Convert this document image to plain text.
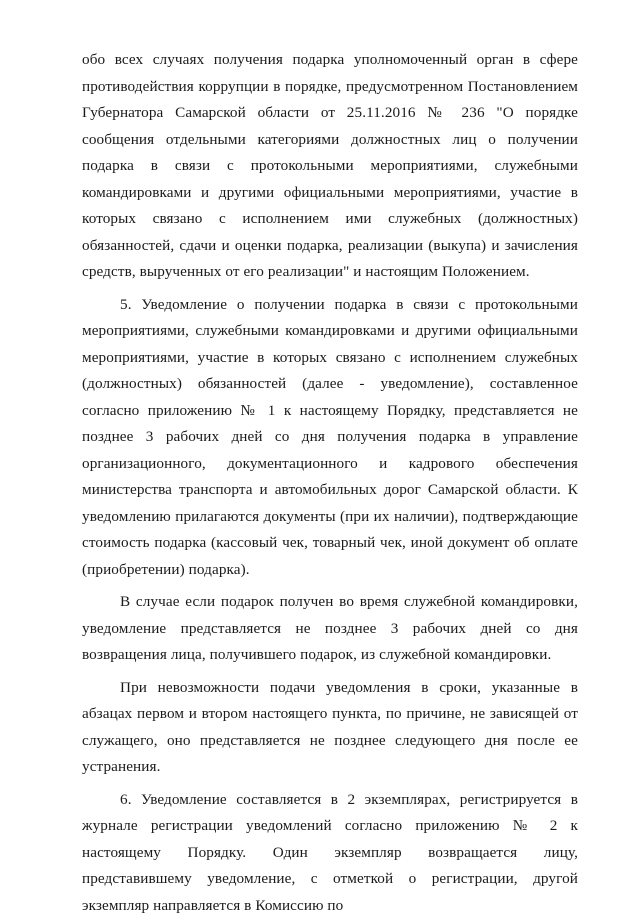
обо всех случаях получения подарка уполномоченный орган в сфере противодействия коррупции в порядке, предусмотренном Постановлением Губернатора Самарской области от 25.11.2016 № 236 "О порядке сообщения отдельными категориями должностных лиц о получении подарка в связи с протокольными мероприятиями, служебными командировками и другими официальными мероприятиями, участие в которых связано с исполнением ими служебных (должностных) обязанностей, сдачи и оценки подарка, реализации (выкупа) и зачисления средств, вырученных от его реализации" и настоящим Положением.

5. Уведомление о получении подарка в связи с протокольными мероприятиями, служебными командировками и другими официальными мероприятиями, участие в которых связано с исполнением служебных (должностных) обязанностей (далее - уведомление), составленное согласно приложению № 1 к настоящему Порядку, представляется не позднее 3 рабочих дней со дня получения подарка в управление организационного, документационного и кадрового обеспечения министерства транспорта и автомобильных дорог Самарской области. К уведомлению прилагаются документы (при их наличии), подтверждающие стоимость подарка (кассовый чек, товарный чек, иной документ об оплате (приобретении) подарка).

В случае если подарок получен во время служебной командировки, уведомление представляется не позднее 3 рабочих дней со дня возвращения лица, получившего подарок, из служебной командировки.

При невозможности подачи уведомления в сроки, указанные в абзацах первом и втором настоящего пункта, по причине, не зависящей от служащего, оно представляется не позднее следующего дня после ее устранения.

6. Уведомление составляется в 2 экземплярах, регистрируется в журнале регистрации уведомлений согласно приложению № 2 к настоящему Порядку. Один экземпляр возвращается лицу, представившему уведомление, с отметкой о регистрации, другой экземпляр направляется в Комиссию по
